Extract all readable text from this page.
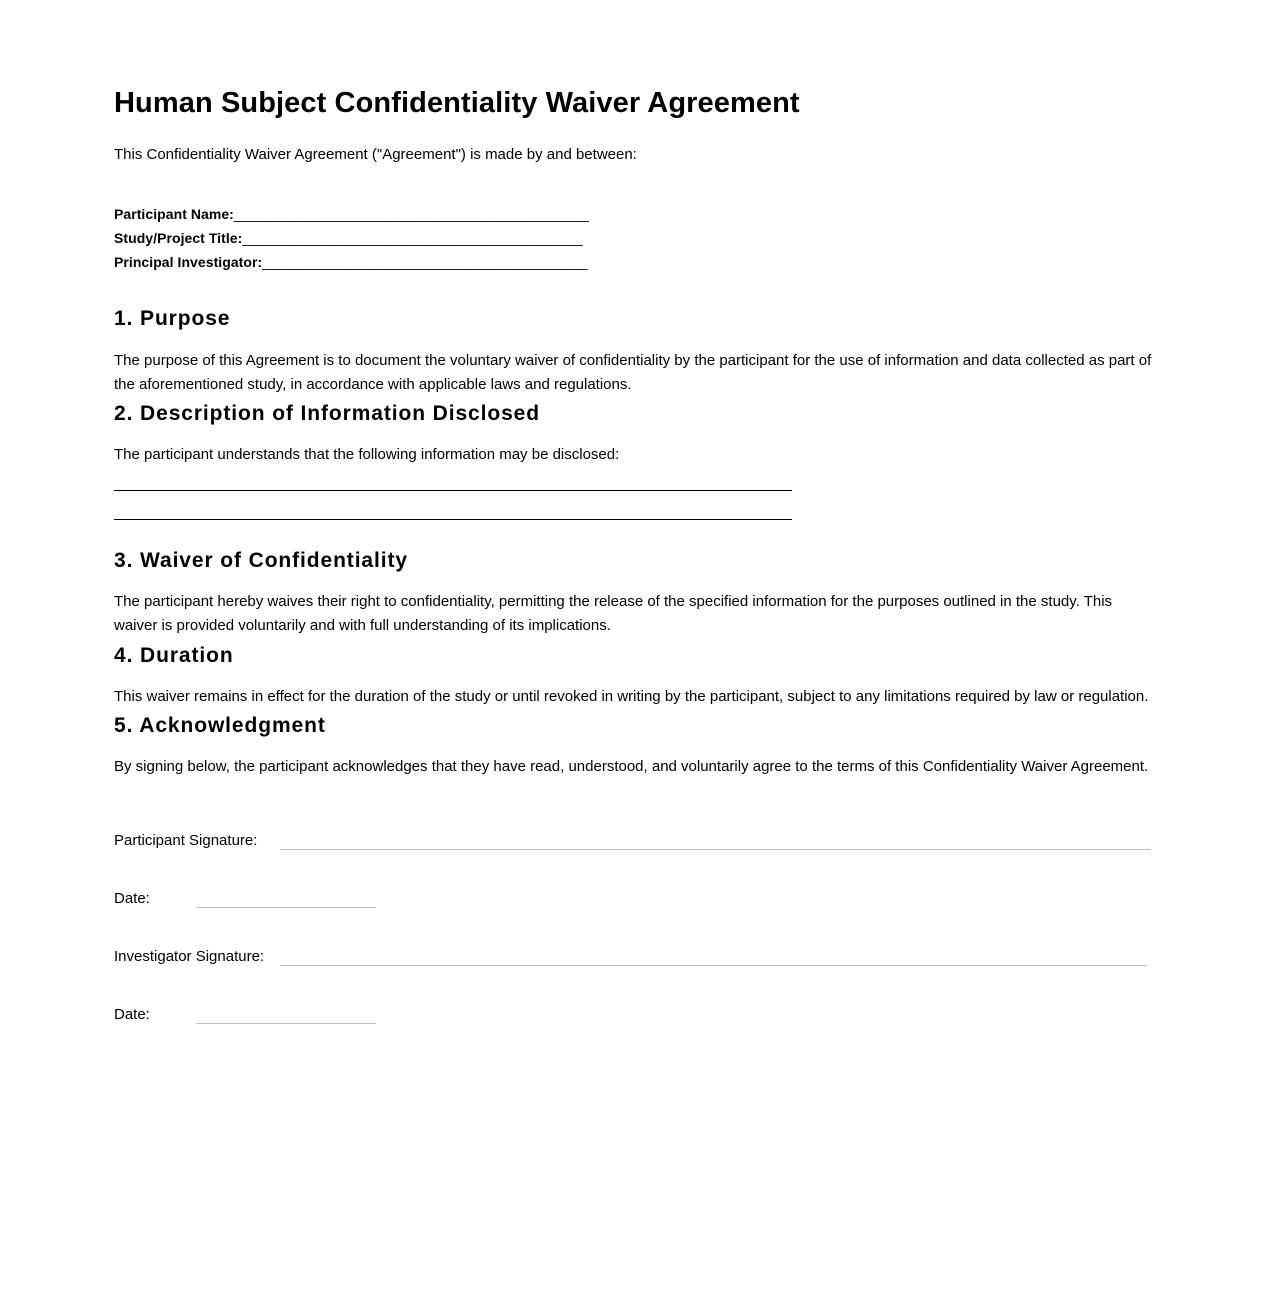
Human Subject Confidentiality Waiver Agreement

This Confidentiality Waiver Agreement ("Agreement") is made by and between:

Participant Name:________________________________________________
Study/Project Title:______________________________________________
Principal Investigator:____________________________________________
1. Purpose

The purpose of this Agreement is to document the voluntary waiver of confidentiality by the participant for the use of information and data collected as part of the aforementioned study, in accordance with applicable laws and regulations.

2. Description of Information Disclosed

The participant understands that the following information may be disclosed:

3. Waiver of Confidentiality

The participant hereby waives their right to confidentiality, permitting the release of the specified information for the purposes outlined in the study. This waiver is provided voluntarily and with full understanding of its implications.

4. Duration

This waiver remains in effect for the duration of the study or until revoked in writing by the participant, subject to any limitations required by law or regulation.

5. Acknowledgment

By signing below, the participant acknowledges that they have read, understood, and voluntarily agree to the terms of this Confidentiality Waiver Agreement.

Participant Signature:
Date:
Investigator Signature:
Date:
